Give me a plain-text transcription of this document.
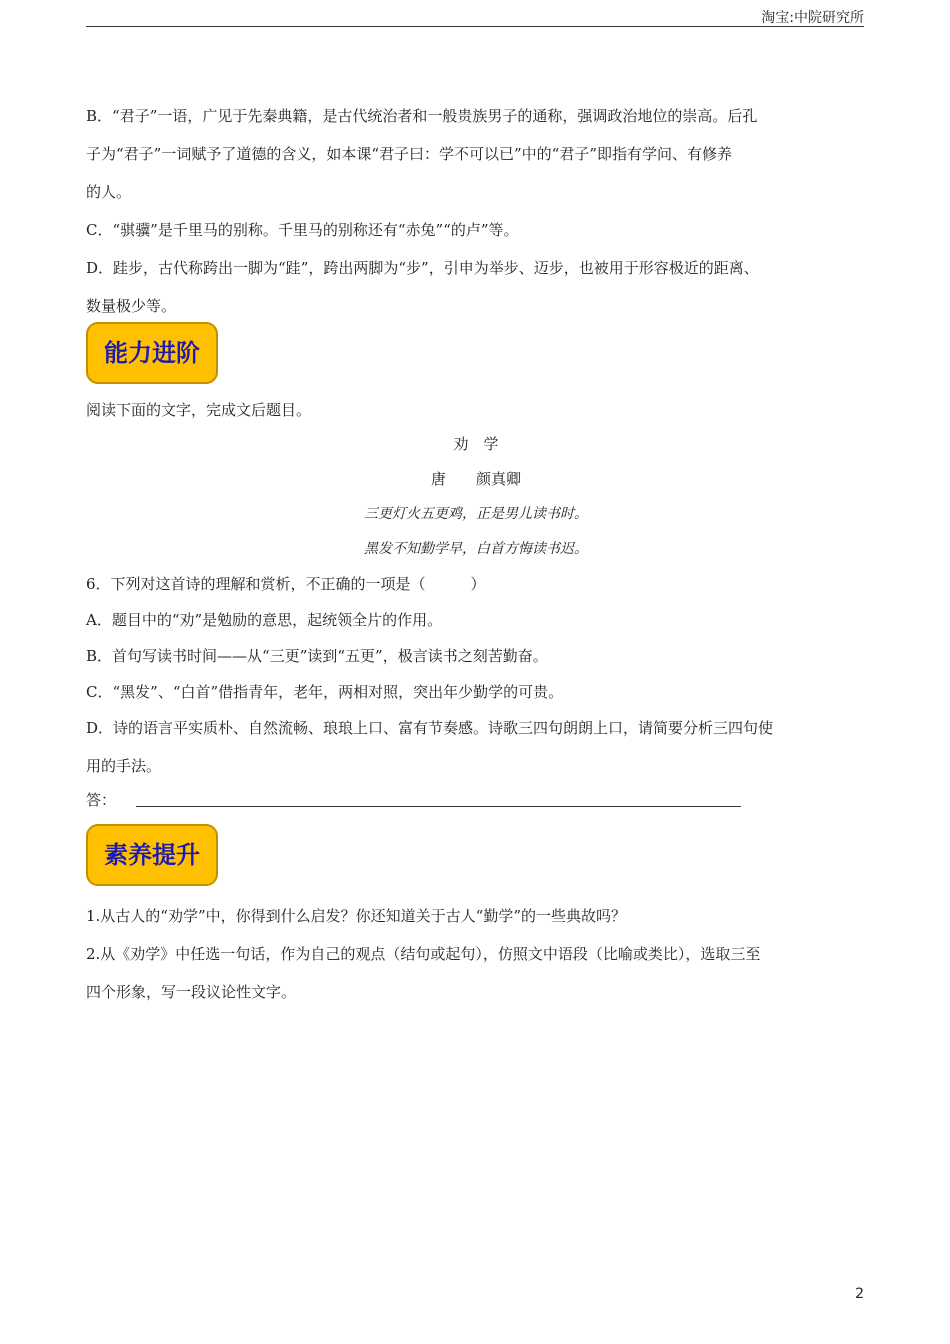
淘宝:中院研究所
B．“君子”一语，广见于先秦典籍，是古代统治者和一般贵族男子的通称，强调政治地位的崇高。后孔
子为“君子”一词赋予了道德的含义，如本课“君子曰：学不可以已”中的“君子”即指有学问、有修养
的人。
C．“骐骥”是千里马的别称。千里马的别称还有“赤兔”“的卢”等。
D．跬步，古代称跨出一脚为“跬”，跨出两脚为“步”，引申为举步、迈步，也被用于形容极近的距离、
数量极少等。
能力进阶
阅读下面的文字，完成文后题目。
劝　学
唐　　颜真卿
三更灯火五更鸡，正是男儿读书时。
黑发不知勤学早，白首方悔读书迟。
6．下列对这首诗的理解和赏析，不正确的一项是（　　　）
A．题目中的“劝”是勉励的意思，起统领全片的作用。
B．首句写读书时间——从“三更”读到“五更”，极言读书之刻苦勤奋。
C．“黑发”、“白首”借指青年，老年，两相对照，突出年少勤学的可贵。
D．诗的语言平实质朴、自然流畅、琅琅上口、富有节奏感。诗歌三四句朗朗上口，请简要分析三四句使
用的手法。
答：
素养提升
1.从古人的“劝学”中，你得到什么启发？你还知道关于古人“勤学”的一些典故吗？
2.从《劝学》中任选一句话，作为自己的观点（结句或起句），仿照文中语段（比喻或类比），选取三至
四个形象，写一段议论性文字。
2
